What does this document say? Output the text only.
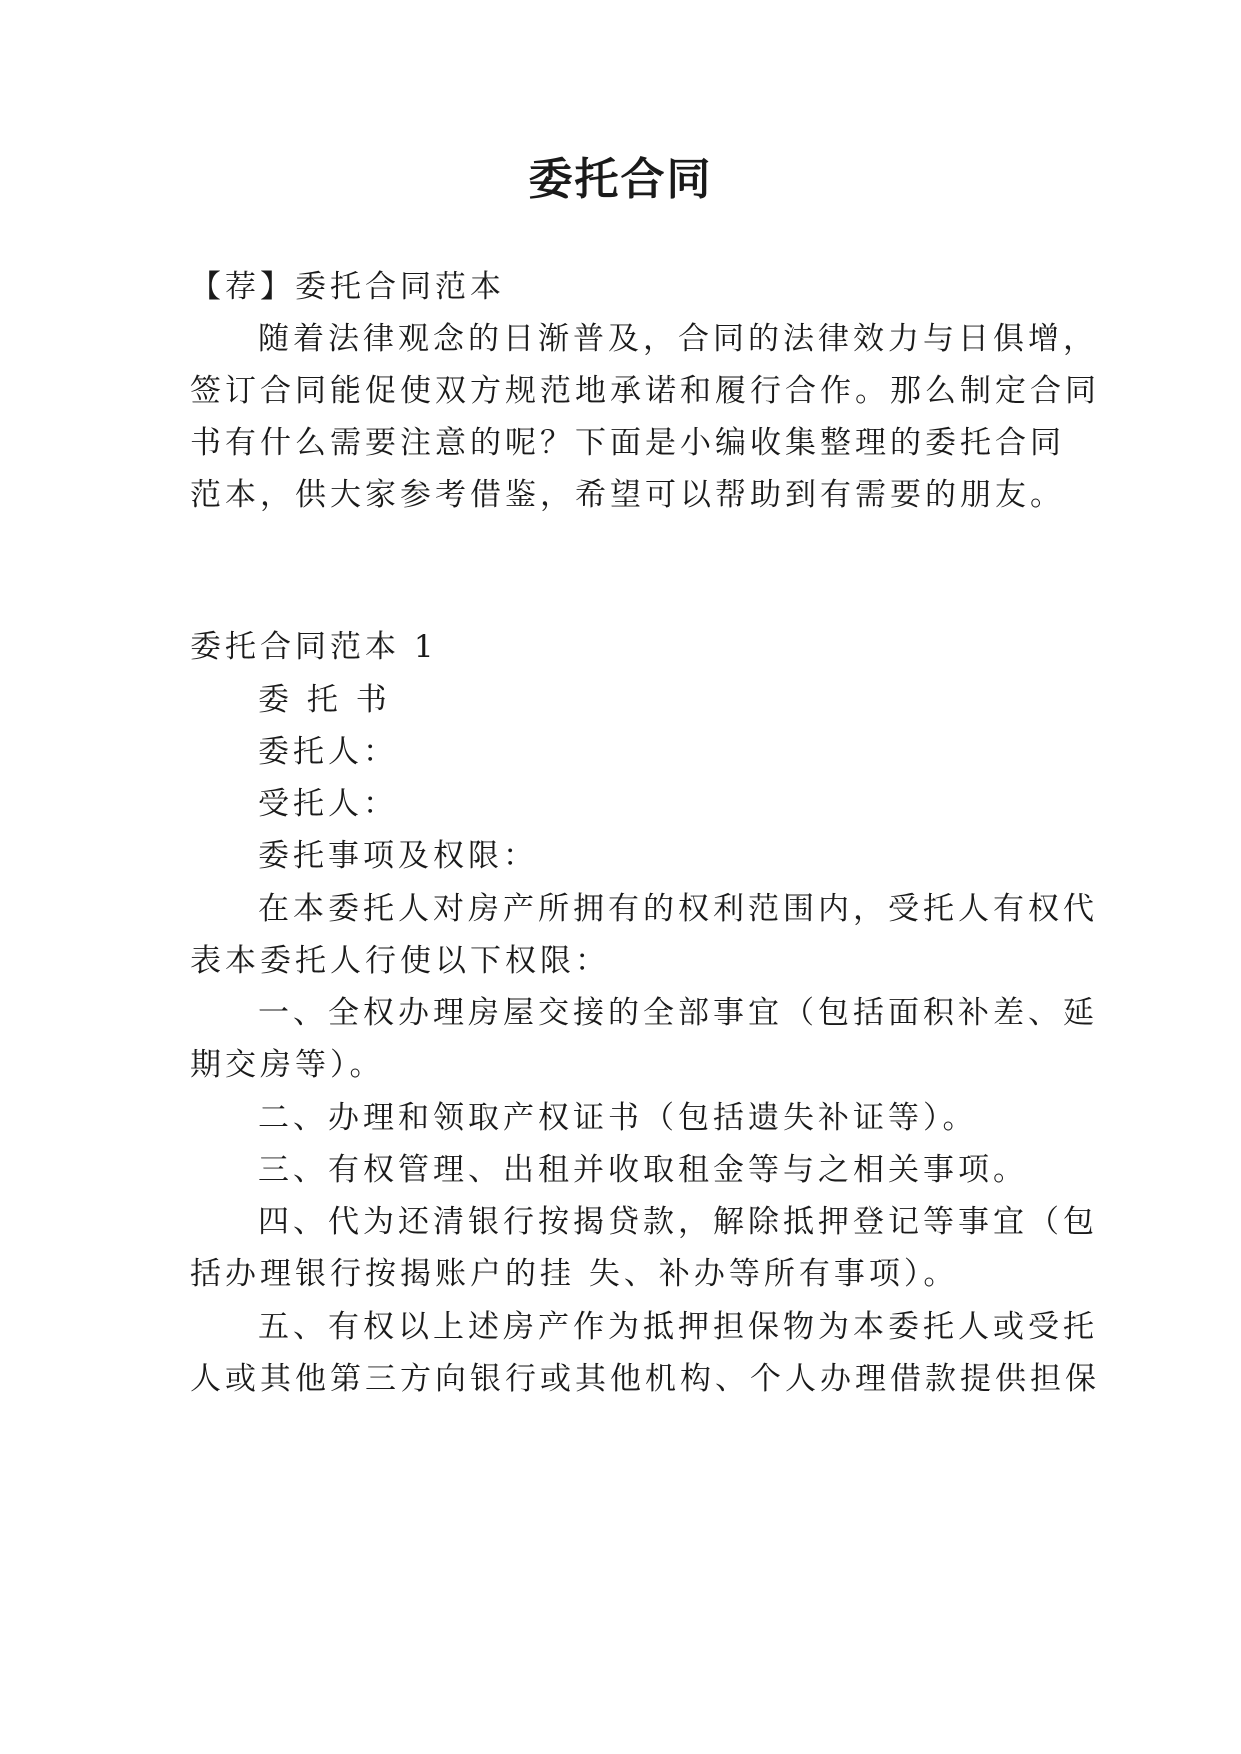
委托合同
【荐】委托合同范本
随着法律观念的日渐普及，合同的法律效力与日俱增，
签订合同能促使双方规范地承诺和履行合作。那么制定合同
书有什么需要注意的呢？下面是小编收集整理的委托合同
范本，供大家参考借鉴，希望可以帮助到有需要的朋友。
委托合同范本 1
委 托 书
委托人：
受托人：
委托事项及权限：
在本委托人对房产所拥有的权利范围内，受托人有权代
表本委托人行使以下权限：
一、全权办理房屋交接的全部事宜（包括面积补差、延
期交房等）。
二、办理和领取产权证书（包括遗失补证等）。
三、有权管理、出租并收取租金等与之相关事项。
四、代为还清银行按揭贷款，解除抵押登记等事宜（包
括办理银行按揭账户的挂 失、补办等所有事项）。
五、有权以上述房产作为抵押担保物为本委托人或受托
人或其他第三方向银行或其他机构、个人办理借款提供担保
